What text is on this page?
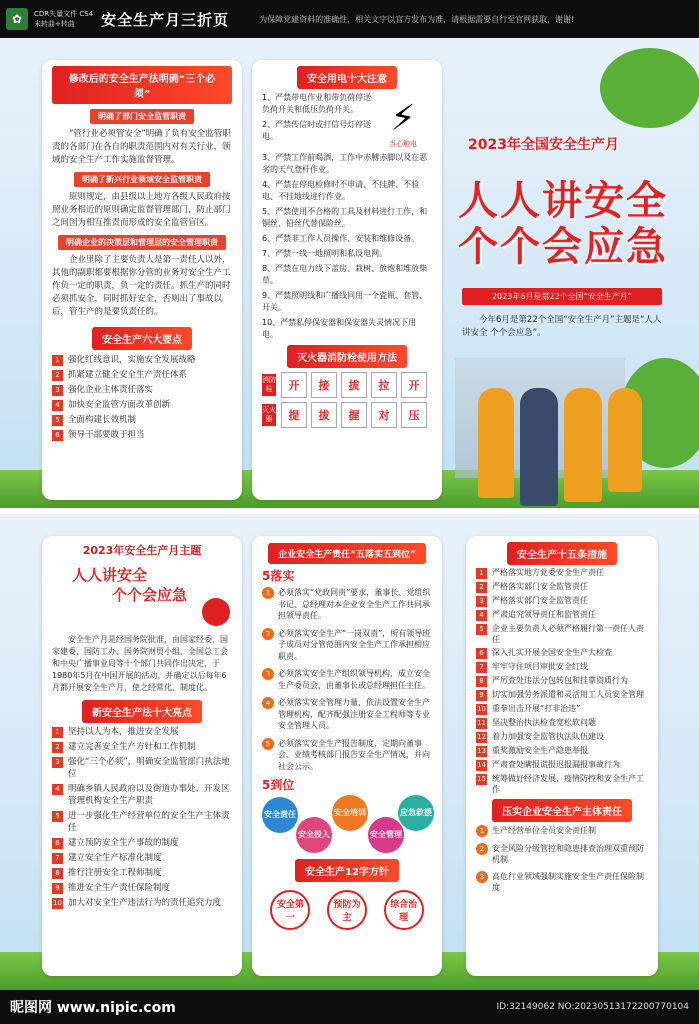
✿	CDR矢量文件 CS4
未转曲+转曲	安全生产月三折页	为保障党建资料的准确性，相关文字以官方发布为准，请根据需要自行至官网获取，谢谢!
修改后的安全生产法明确“三个必须”
明确了部门安全监管职责
“管行业必须管安全”明确了负有安全监管职责的各部门在各自的职责范围内对有关行业、领域的安全生产工作实施监督管理。
明确了新兴行业领域安全监管职责
原则规定，由县级以上地方各级人民政府按照业务相近的原则确定监督管理部门，防止部门之间因为相互推责而形成的安全监管盲区。
明确企业的决策层和管理层的安全管理职责
企业里除了主要负责人是第一责任人以外，其他的副职都要根据你分管的业务对安全生产工作负一定的职责，负一定的责任。抓生产的同时必须抓安全，同时抓好安全，否则出了事故以后，管生产的是要负责任的。
安全生产六大要点
1 强化红线意识，实施安全发展战略
2 抓紧建立健全安全生产责任体系
3 强化企业主体责任落实
4 加快安全监管方面改革创新
5 全面构建长效机制
6 领导干部要敢于担当
安全用电十大注意
1、严禁带电作业和带负荷停送负荷开关和低压负荷开关。
2、严禁传信时或打信号灯停送电。	⚡
当心触电
3、严禁工作前喝酒，工作中赤膊赤脚以及在恶劣的天气登杆作业。
4、严禁在停电检修时不申请、不挂牌、不验电、不挂地线进行作业。
5、严禁使用不合格的工具及材料进行工作，和铜丝、铅丝代替保险丝。
6、严禁非工作人员操作、安装和维修设备。
7、严禁一线一地照明和私设电网。
8、严禁在电力线下盖房、栽树、放炮和堆放柴草。
9、严禁照明线和广播线同用一个瓷瓶、套管、开关。
10、严禁私停保安器和保安器失灵情况下用电。
灭火器消防栓使用方法
消防栓	开	接	拔	拉	开
灭火器	提	拔	握	对	压
2023年全国安全生产月
人人讲安全
个个会应急
2023年6月是第22个全国“安全生产月”
今年6月是第22个全国“安全生产月”主题是“人人讲安全 个个会应急”。
2023年安全生产月主题
人人讲安全
个个会应急
安全生产月是经国务院批准，由国家经委、国家建委、国防工办、国务院财贸小组、全国总工会和中央广播事业局等十个部门共同作出决定，于1980年5月在中国开展的活动，并确定以后每年6月都开展安全生产月，使之经常化、制度化。
新安全生产法十大亮点
1 坚持以人为本，推进安全发展
2 建立完善安全生产方针和工作机制
3 强化“三个必须”，明确安全监管部门执法地位
4 明确乡镇人民政府以及街道办事处、开发区管理机构安全生产职责
5 进一步强化生产经营单位的安全生产主体责任
6 建立预防安全生产事故的制度
7 建立安全生产标准化制度
8 推行注册安全工程师制度
9 推进安全生产责任保险制度
10 加大对安全生产违法行为的责任追究力度
企业安全生产责任“五落实五到位”
5落实
1 必须落实“党政同责”要求，董事长、党组织书记、总经理对本企业安全生产工作共同承担领导责任。
2 必须落实安全生产“一岗双责”，所有领导班子成员对分管范围内安全生产工作承担相应职责。
3 必须落实安全生产组织领导机构，成立安全生产委员会，由董事长或总经理担任主任。
4 必须落实安全管理力量，依法设置安全生产管理机构，配齐配强注册安全工程师等专业安全管理人员。
5 必须落实安全生产报告制度，定期向董事会、业绩考核部门报告安全生产情况，并向社会公示。
5到位
安全责任
安全投入
安全培训
安全管理
应急救援
安全生产12字方针
安全第一
预防为主
综合治理
安全生产十五条措施
1	严格落实地方党委安全生产责任
2	严格落实部门安全监管责任
3	严格落实部门安全监管责任
4	严肃追究领导责任和监管责任
5	企业主要负责人必须严格履行第一责任人责任
6	深入扎实开展全国安全生产大检查
7	牢牢守住项目审批安全红线
8	严厉查处违法分包转包和挂靠资质行为
9	切实加强劳务派遣和灵活用工人员安全管理
10 重拳出击开展“打非治违”
11 坚决整治执法检查宽松软问题
12 着力加强安全监管执法队伍建设
13 重奖激励安全生产隐患举报
14 严肃查处瞒报谎报迟报漏报事故行为
15 统筹做好经济发展、疫情防控和安全生产工作
压实企业安全生产主体责任
1 生产经营单位全员安全责任制
2 安全风险分级管控和隐患排查治理双重预防机制
3 高危行业领域强制实施安全生产责任保险制度
昵图网 www.nipic.com	ID:32149062 NO:20230513172200770104
